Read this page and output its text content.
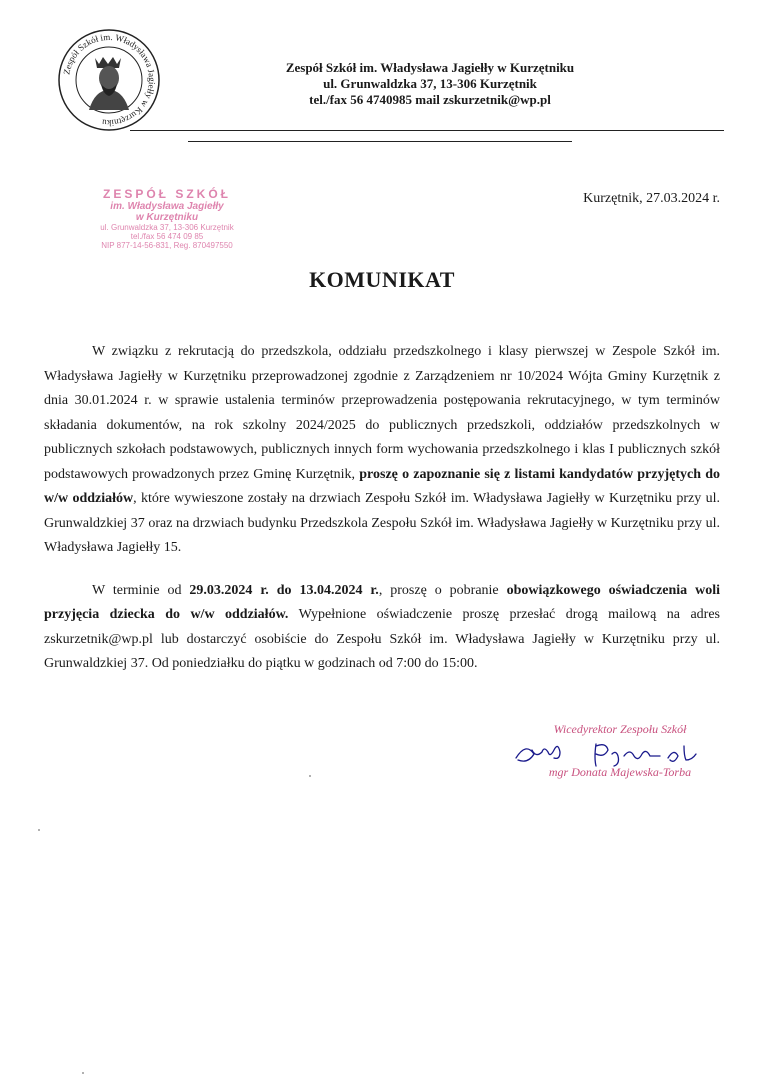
Zespół Szkół im. Władysława Jagiełły w Kurzętniku
Zespół Szkół im. Władysława Jagiełły w Kurzętniku
ul. Grunwaldzka 37, 13-306 Kurzętnik
tel./fax 56 4740985 mail zskurzetnik@wp.pl
ZESPÓŁ SZKÓŁ
im. Władysława Jagiełły
w Kurzętniku
ul. Grunwaldzka 37, 13-306 Kurzętnik
tel./fax 56 474 09 85
NIP 877-14-56-831, Reg. 870497550
Kurzętnik, 27.03.2024 r.
KOMUNIKAT

W związku z rekrutacją do przedszkola, oddziału przedszkolnego i klasy pierwszej w Zespole Szkół im. Władysława Jagiełły w Kurzętniku przeprowadzonej zgodnie z Zarządzeniem nr 10/2024 Wójta Gminy Kurzętnik z dnia 30.01.2024 r. w sprawie ustalenia terminów przeprowadzenia postępowania rekrutacyjnego, w tym terminów składania dokumentów, na rok szkolny 2024/2025 do publicznych przedszkoli, oddziałów przedszkolnych w publicznych szkołach podstawowych, publicznych innych form wychowania przedszkolnego i klas I publicznych szkół podstawowych prowadzonych przez Gminę Kurzętnik, proszę o zapoznanie się z listami kandydatów przyjętych do w/w oddziałów, które wywieszone zostały na drzwiach Zespołu Szkół im. Władysława Jagiełły w Kurzętniku przy ul. Grunwaldzkiej 37 oraz na drzwiach budynku Przedszkola Zespołu Szkół im. Władysława Jagiełły w Kurzętniku przy ul. Władysława Jagiełły 15.

W terminie od 29.03.2024 r. do 13.04.2024 r., proszę o pobranie obowiązkowego oświadczenia woli przyjęcia dziecka do w/w oddziałów. Wypełnione oświadczenie proszę przesłać drogą mailową na adres zskurzetnik@wp.pl lub dostarczyć osobiście do Zespołu Szkół im. Władysława Jagiełły w Kurzętniku przy ul. Grunwaldzkiej 37. Od poniedziałku do piątku w godzinach od 7:00 do 15:00.

Wicedyrektor Zespołu Szkół
mgr Donata Majewska-Torba
